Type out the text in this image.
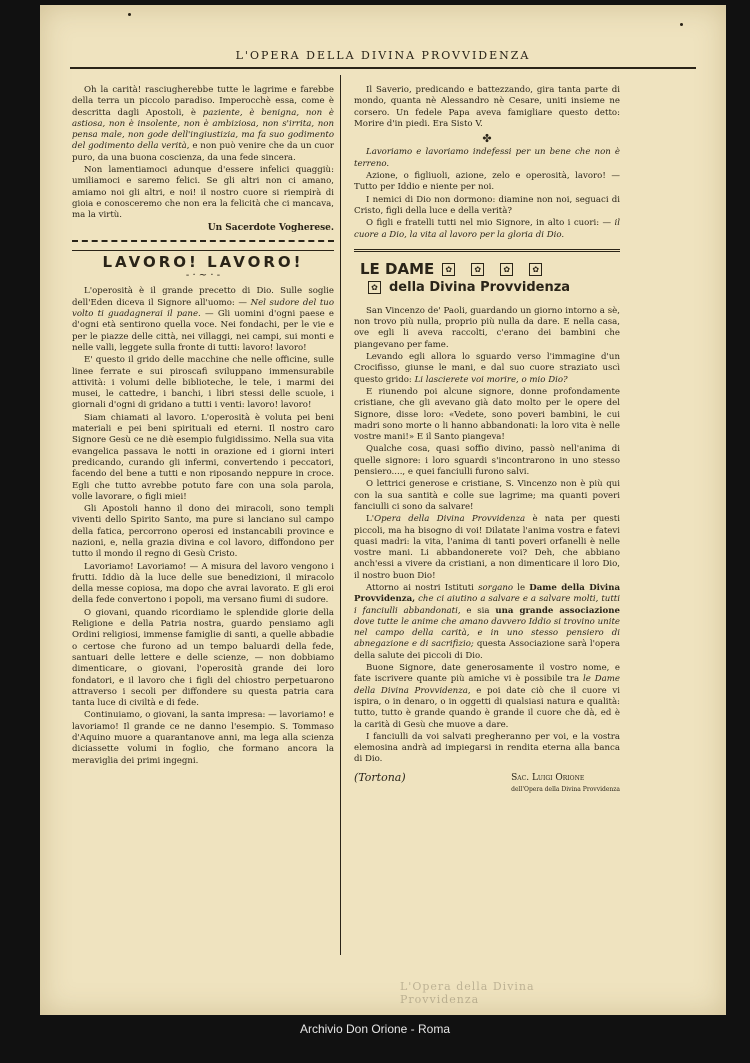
L'OPERA DELLA DIVINA PROVVIDENZA

Oh la carità! rasciugherebbe tutte le lagrime e farebbe della terra un piccolo paradiso. Imperocchè essa, come è descritta dagli Apostoli, è paziente, è benigna, non è astiosa, non è insolente, non è ambiziosa, non s'irrita, non pensa male, non gode dell'ingiustizia, ma fa suo godimento del godimento della verità, e non può venire che da un cuor puro, da una buona coscienza, da una fede sincera.

Non lamentiamoci adunque d'essere infelici quaggiù: umiliamoci e saremo felici. Se gli altri non ci amano, amiamo noi gli altri, e noi! il nostro cuore si riempirà di gioia e conosceremo che non era la felicità che ci mancava, ma la virtù.

Un Sacerdote Vogherese.
LAVORO! LAVORO!
- · ~ · -

L'operosità è il grande precetto di Dio. Sulle soglie dell'Eden diceva il Signore all'uomo: — Nel sudore del tuo volto ti guadagnerai il pane. — Gli uomini d'ogni paese e d'ogni età sentirono quella voce. Nei fondachi, per le vie e per le piazze delle città, nei villaggi, nei campi, sui monti e nelle valli, leggete sulla fronte di tutti: lavoro! lavoro!

E' questo il grido delle macchine che nelle officine, sulle linee ferrate e sui piroscafi sviluppano immensurabile attività: i volumi delle biblioteche, le tele, i marmi dei musei, le cattedre, i banchi, i libri stessi delle scuole, i giornali d'ogni di gridano a tutti i venti: lavoro! lavoro!

Siam chiamati al lavoro. L'operosità è voluta pei beni materiali e pei beni spirituali ed eterni. Il nostro caro Signore Gesù ce ne diè esempio fulgidissimo. Nella sua vita evangelica passava le notti in orazione ed i giorni interi predicando, curando gli infermi, convertendo i peccatori, facendo del bene a tutti e non riposando neppure in croce. Egli che tutto avrebbe potuto fare con una sola parola, volle lavorare, o figli miei!

Gli Apostoli hanno il dono dei miracoli, sono templi viventi dello Spirito Santo, ma pure si lanciano sul campo della fatica, percorrono operosi ed instancabili province e nazioni, e, nella grazia divina e col lavoro, diffondono per tutto il mondo il regno di Gesù Cristo.

Lavoriamo! Lavoriamo! — A misura del lavoro vengono i frutti. Iddio dà la luce delle sue benedizioni, il miracolo della messe copiosa, ma dopo che avrai lavorato. E gli eroi della fede convertono i popoli, ma versano fiumi di sudore.

O giovani, quando ricordiamo le splendide glorie della Religione e della Patria nostra, guardo pensiamo agli Ordini religiosi, immense famiglie di santi, a quelle abbadie o certose che furono ad un tempo baluardi della fede, santuari delle lettere e delle scienze, — non dobbiamo dimenticare, o giovani, l'operosità grande dei loro fondatori, e il lavoro che i figli del chiostro perpetuarono attraverso i secoli per diffondere su questa patria cara tanta luce di civiltà e di fede.

Continuiamo, o giovani, la santa impresa: — lavoriamo! e lavoriamo! Il grande ce ne danno l'esempio. S. Tommaso d'Aquino muore a quarantanove anni, ma lega alla scienza diciassette volumi in foglio, che formano ancora la meraviglia dei primi ingegni.

Il Saverio, predicando e battezzando, gira tanta parte di mondo, quanta nè Alessandro nè Cesare, uniti insieme ne corsero. Un fedele Papa aveva famigliare questo detto: Morire d'in piedi. Era Sisto V.

✤

Lavoriamo e lavoriamo indefessi per un bene che non è terreno.

Azione, o figliuoli, azione, zelo e operosità, lavoro! — Tutto per Iddio e niente per noi.

I nemici di Dio non dormono: diamine non noi, seguaci di Cristo, figli della luce e della verità?

O figli e fratelli tutti nel mio Signore, in alto i cuori: — il cuore a Dio, la vita al lavoro per la gloria di Dio.

LE DAME ✿	✿	✿	✿
✿ della Divina Provvidenza

San Vincenzo de' Paoli, guardando un giorno intorno a sè, non trovo più nulla, proprio più nulla da dare. E nella casa, ove egli li aveva raccolti, c'erano dei bambini che piangevano per fame.

Levando egli allora lo sguardo verso l'immagine d'un Crocifisso, giunse le mani, e dal suo cuore straziato uscì questo grido: Li lascierete voi morire, o mio Dio?

E riunendo poi alcune signore, donne profondamente cristiane, che gli avevano già dato molto per le opere del Signore, disse loro: «Vedete, sono poveri bambini, le cui madri sono morte o li hanno abbandonati: la loro vita è nelle vostre mani!» E il Santo piangeva!

Qualche cosa, quasi soffio divino, passò nell'anima di quelle signore: i loro sguardi s'incontrarono in uno stesso pensiero...., e quei fanciulli furono salvi.

O lettrici generose e cristiane, S. Vincenzo non è più qui con la sua santità e colle sue lagrime; ma quanti poveri fanciulli ci sono da salvare!

L'Opera della Divina Provvidenza è nata per questi piccoli, ma ha bisogno di voi! Dilatate l'anima vostra e fatevi quasi madri: la vita, l'anima di tanti poveri orfanelli è nelle vostre mani. Li abbandonerete voi? Deh, che abbiano anch'essi a vivere da cristiani, a non dimenticare il loro Dio, il nostro buon Dio!

Attorno ai nostri Istituti sorgano le Dame della Divina Provvidenza, che ci aiutino a salvare e a salvare molti, tutti i fanciulli abbandonati, e sia una grande associazione dove tutte le anime che amano davvero Iddio si trovino unite nel campo della carità, e in uno stesso pensiero di abnegazione e di sacrifizio; questa Associazione sarà l'opera della salute dei piccoli di Dio.

Buone Signore, date generosamente il vostro nome, e fate iscrivere quante più amiche vi è possibile tra le Dame della Divina Provvidenza, e poi date ciò che il cuore vi ispira, o in denaro, o in oggetti di qualsiasi natura e qualità: tutto, tutto è grande quando è grande il cuore che dà, ed è la carità di Gesù che muove a dare.

I fanciulli da voi salvati pregheranno per voi, e la vostra elemosina andrà ad impiegarsi in rendita eterna alla banca di Dio.

(Tortona)	Sac. Luigi Orione
dell'Opera della Divina Provvidenza
L'Opera della Divina Provvidenza
Archivio Don Orione - Roma
